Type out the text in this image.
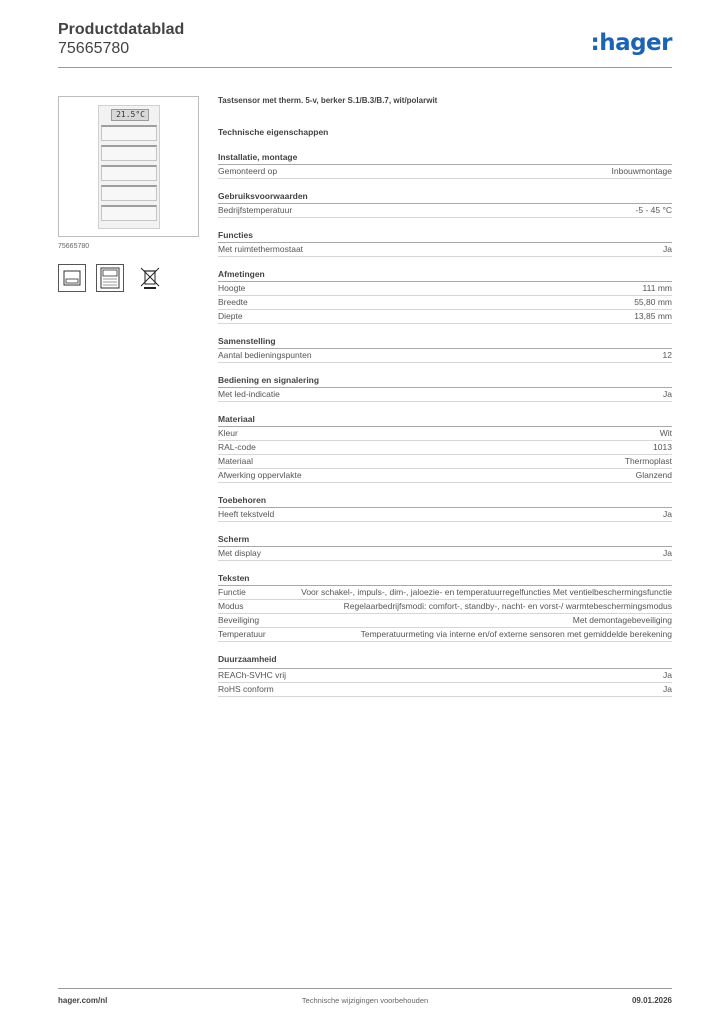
Productdatablad
75665780	:hager
21.5°C
75665780
Tastsensor met therm. 5-v, berker S.1/B.3/B.7, wit/polarwit
Technische eigenschappen
Installatie, montage
Gemonteerd op	Inbouwmontage
Gebruiksvoorwaarden
Bedrijfstemperatuur	-5 - 45 °C
Functies
Met ruimtethermostaat	Ja
Afmetingen
Hoogte	111 mm
Breedte	55,80 mm
Diepte	13,85 mm
Samenstelling
Aantal bedieningspunten	12
Bediening en signalering
Met led-indicatie	Ja
Materiaal
Kleur	Wit
RAL-code	1013
Materiaal	Thermoplast
Afwerking oppervlakte	Glanzend
Toebehoren
Heeft tekstveld	Ja
Scherm
Met display	Ja
Teksten
Functie	Voor schakel-, impuls-, dim-, jaloezie- en temperatuurregelfuncties Met ventielbeschermingsfunctie
Modus	Regelaarbedrijfsmodi: comfort-, standby-, nacht- en vorst-/ warmtebeschermingsmodus
Beveiliging	Met demontagebeveiliging
Temperatuur	Temperatuurmeting via interne en/of externe sensoren met gemiddelde berekening
Duurzaamheid
REACh-SVHC vrij	Ja
RoHS conform	Ja
hager.com/nl	Technische wijzigingen voorbehouden	09.01.2026
